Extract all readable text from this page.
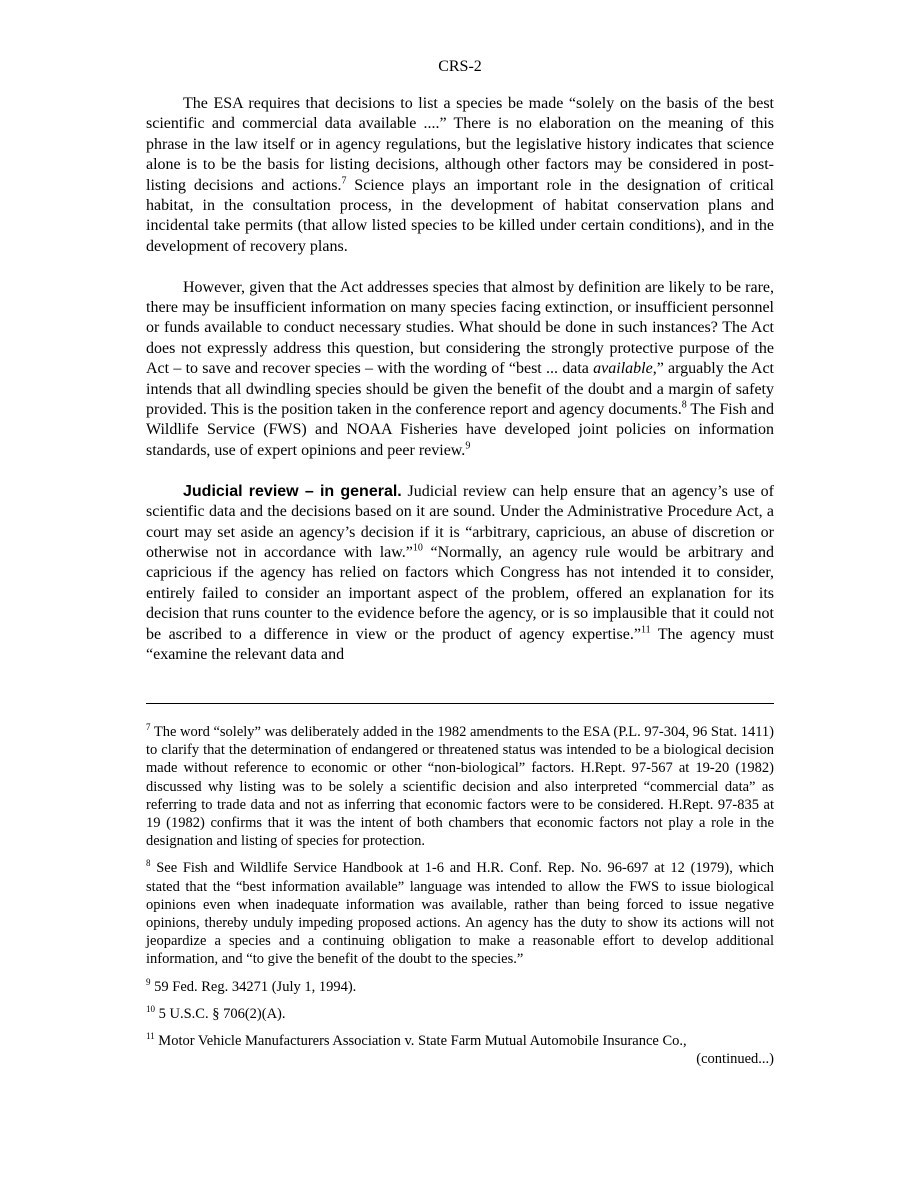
CRS-2

The ESA requires that decisions to list a species be made “solely on the basis of the best scientific and commercial data available ....” There is no elaboration on the meaning of this phrase in the law itself or in agency regulations, but the legislative history indicates that science alone is to be the basis for listing decisions, although other factors may be considered in post-listing decisions and actions.$^7$ Science plays an important role in the designation of critical habitat, in the consultation process, in the development of habitat conservation plans and incidental take permits (that allow listed species to be killed under certain conditions), and in the development of recovery plans.

However, given that the Act addresses species that almost by definition are likely to be rare, there may be insufficient information on many species facing extinction, or insufficient personnel or funds available to conduct necessary studies. What should be done in such instances? The Act does not expressly address this question, but considering the strongly protective purpose of the Act – to save and recover species – with the wording of “best ... data available,” arguably the Act intends that all dwindling species should be given the benefit of the doubt and a margin of safety provided. This is the position taken in the conference report and agency documents.$^8$ The Fish and Wildlife Service (FWS) and NOAA Fisheries have developed joint policies on information standards, use of expert opinions and peer review.$^9$

Judicial review – in general. Judicial review can help ensure that an agency’s use of scientific data and the decisions based on it are sound. Under the Administrative Procedure Act, a court may set aside an agency’s decision if it is “arbitrary, capricious, an abuse of discretion or otherwise not in accordance with law.”$^{10}$ “Normally, an agency rule would be arbitrary and capricious if the agency has relied on factors which Congress has not intended it to consider, entirely failed to consider an important aspect of the problem, offered an explanation for its decision that runs counter to the evidence before the agency, or is so implausible that it could not be ascribed to a difference in view or the product of agency expertise.”$^{11}$ The agency must “examine the relevant data and

$^7$ The word “solely” was deliberately added in the 1982 amendments to the ESA (P.L. 97-304, 96 Stat. 1411) to clarify that the determination of endangered or threatened status was intended to be a biological decision made without reference to economic or other “non-biological” factors. H.Rept. 97-567 at 19-20 (1982) discussed why listing was to be solely a scientific decision and also interpreted “commercial data” as referring to trade data and not as inferring that economic factors were to be considered. H.Rept. 97-835 at 19 (1982) confirms that it was the intent of both chambers that economic factors not play a role in the designation and listing of species for protection.
$^8$ See Fish and Wildlife Service Handbook at 1-6 and H.R. Conf. Rep. No. 96-697 at 12 (1979), which stated that the “best information available” language was intended to allow the FWS to issue biological opinions even when inadequate information was available, rather than being forced to issue negative opinions, thereby unduly impeding proposed actions. An agency has the duty to show its actions will not jeopardize a species and a continuing obligation to make a reasonable effort to develop additional information, and “to give the benefit of the doubt to the species.”
$^9$ 59 Fed. Reg. 34271 (July 1, 1994).
$^{10}$ 5 U.S.C. § 706(2)(A).
$^{11}$ Motor Vehicle Manufacturers Association v. State Farm Mutual Automobile Insurance Co.,
(continued...)
